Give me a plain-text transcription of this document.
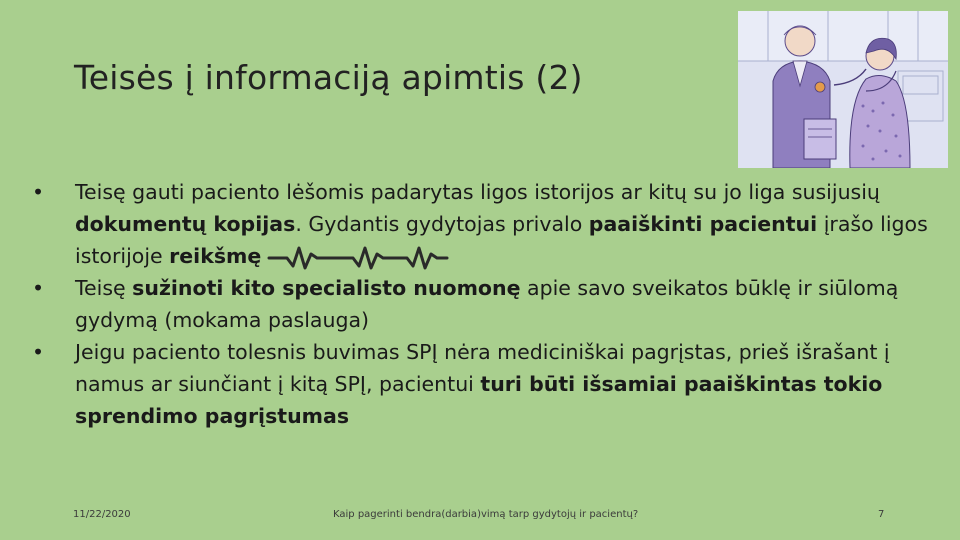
Teisės į informaciją apimtis (2)
• Teisę gauti paciento lėšomis padarytas ligos istorijos ar kitų su jo liga susijusių dokumentų kopijas. Gydantis gydytojas privalo paaiškinti pacientui įrašo ligos istorijoje reikšmę
• Teisę sužinoti kito specialisto nuomonę apie savo sveikatos būklę ir siūlomą gydymą (mokama paslauga)
• Jeigu paciento tolesnis buvimas SPĮ nėra mediciniškai pagrįstas, prieš išrašant į namus ar siunčiant į kitą SPĮ, pacientui turi būti išsamiai paaiškintas tokio sprendimo pagrįstumas
11/22/2020	Kaip pagerinti bendra(darbia)vimą tarp gydytojų ir pacientų?	7
